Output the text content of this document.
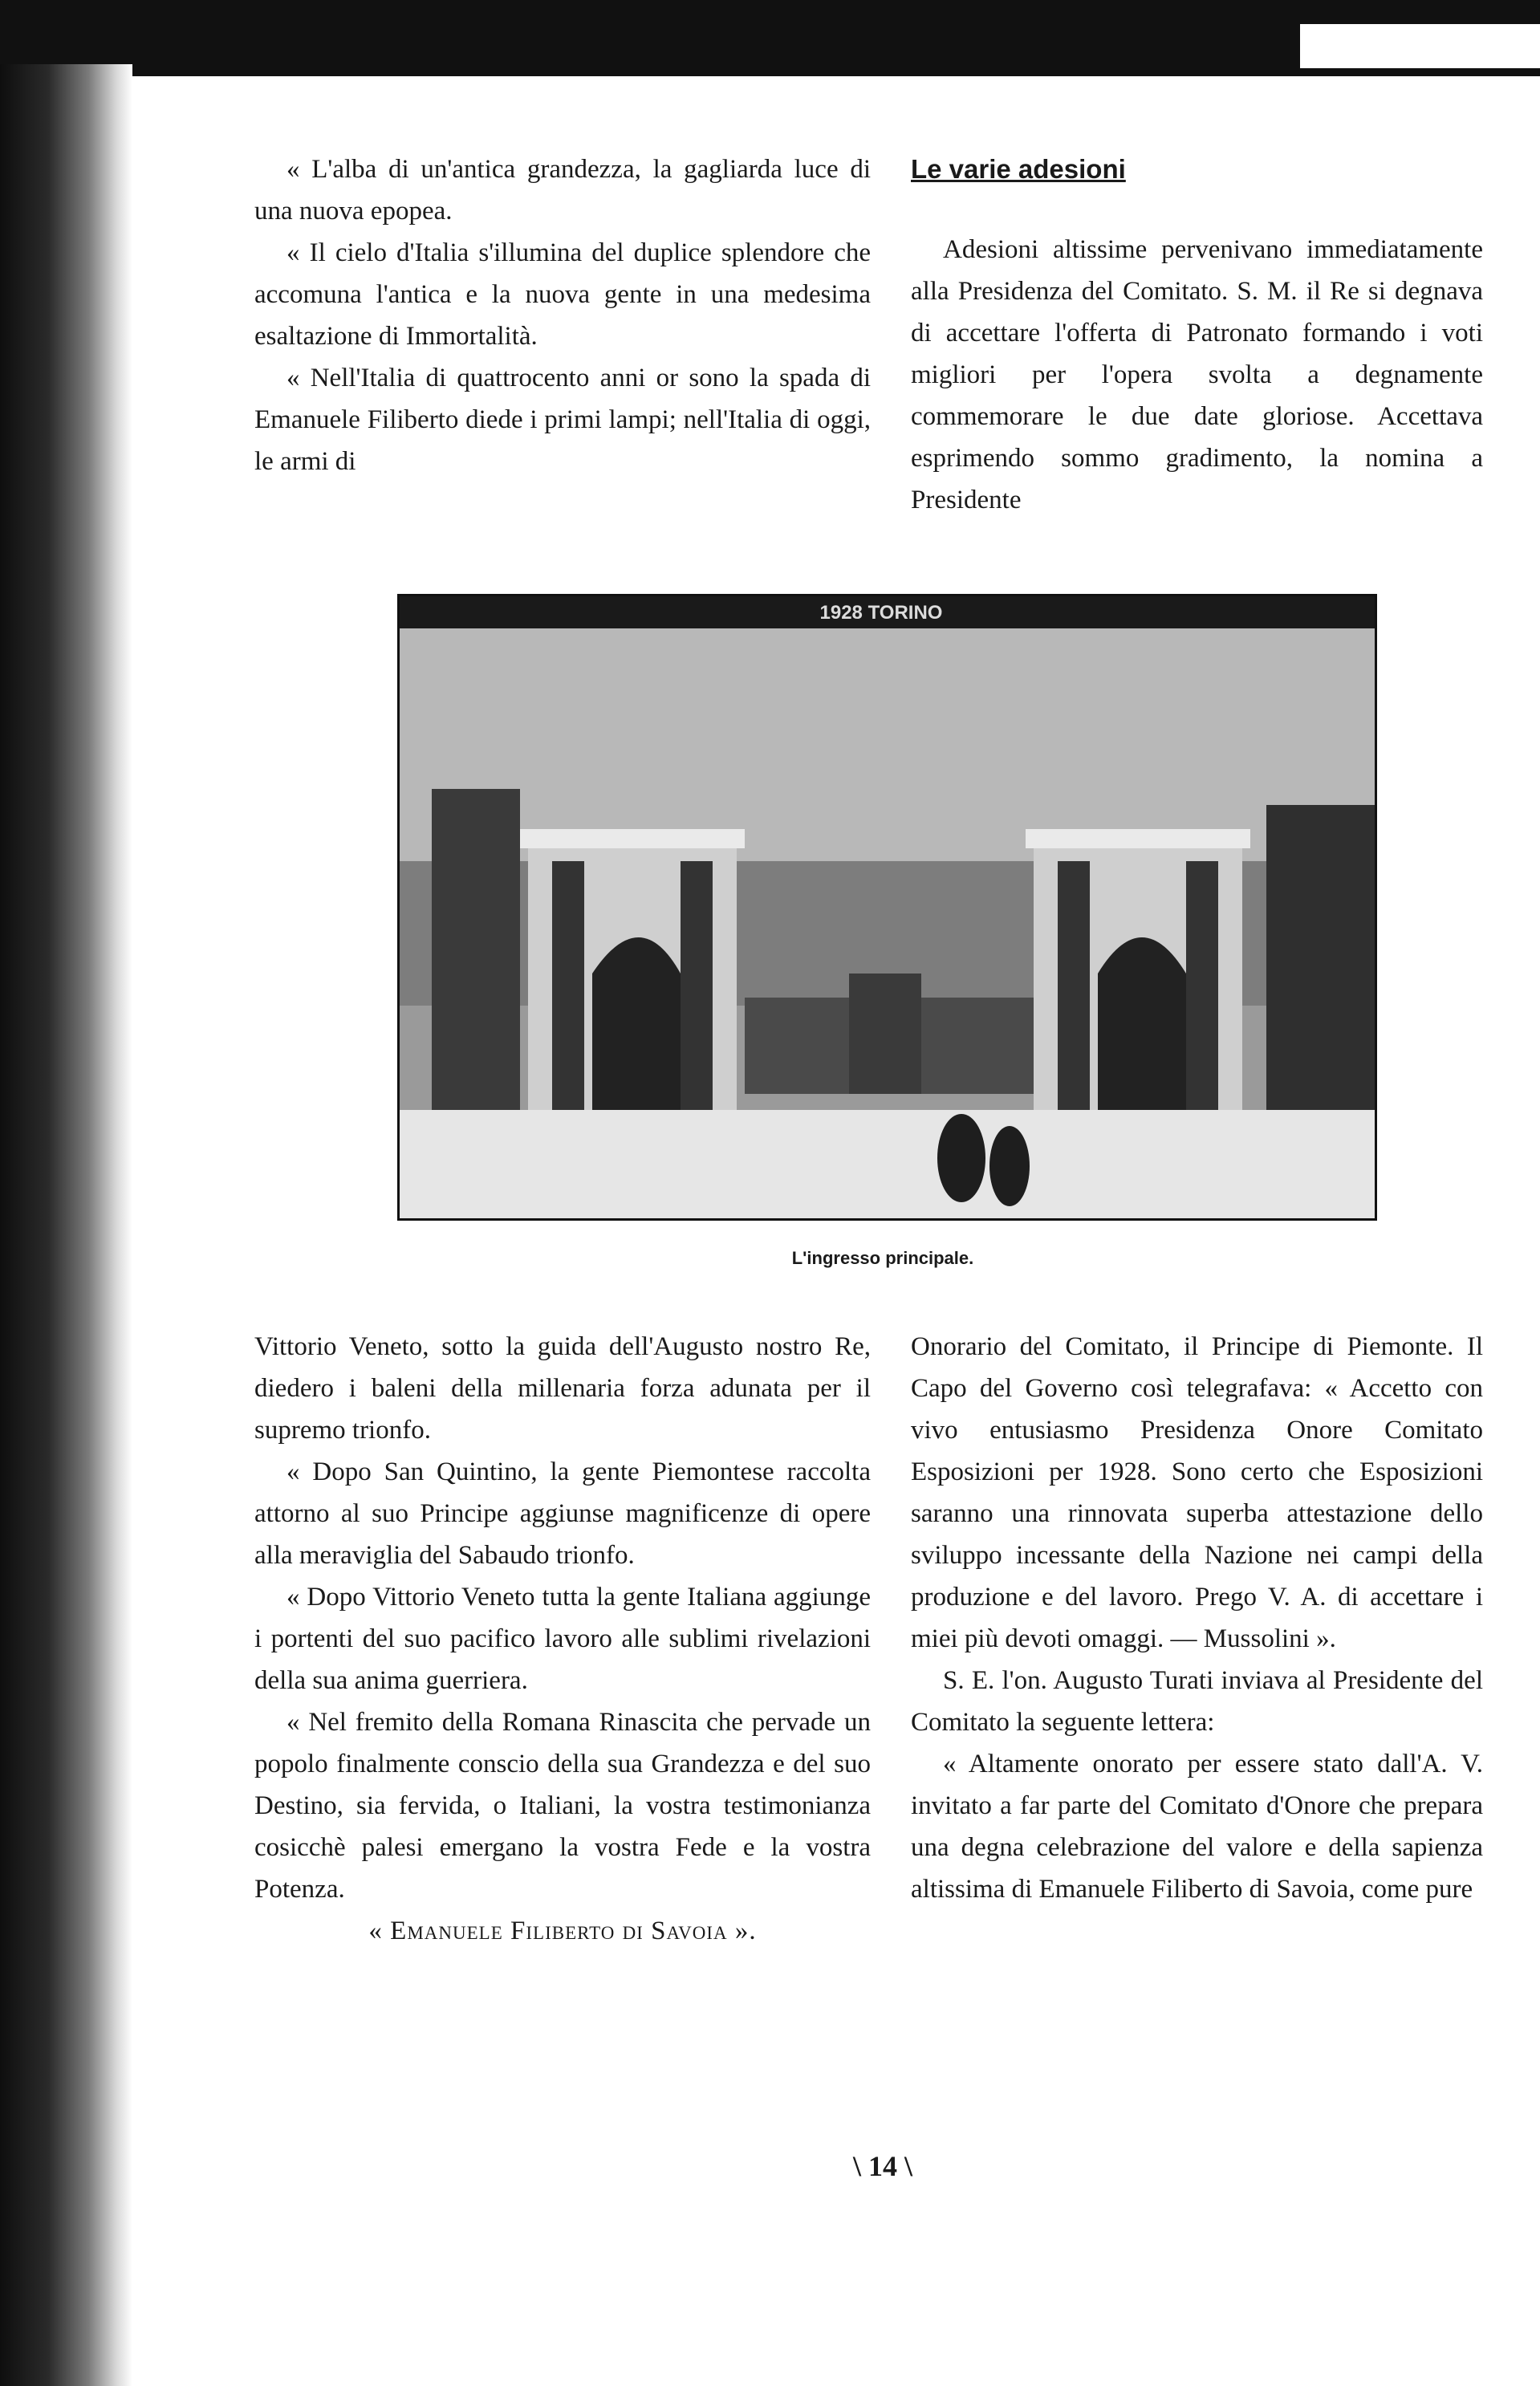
« L'alba di un'antica grandezza, la gagliarda luce di una nuova epopea.

« Il cielo d'Italia s'illumina del duplice splendore che accomuna l'antica e la nuova gente in una medesima esaltazione di Immortalità.

« Nell'Italia di quattrocento anni or sono la spada di Emanuele Filiberto diede i primi lampi; nell'Italia di oggi, le armi di

Le varie adesioni

Adesioni altissime pervenivano immediatamente alla Presidenza del Comitato. S. M. il Re si degnava di accettare l'offerta di Patronato formando i voti migliori per l'opera svolta a degnamente commemorare le due date gloriose. Accettava esprimendo sommo gradimento, la nomina a Presidente

1928 TORINO
L'ingresso principale.

Vittorio Veneto, sotto la guida dell'Augusto nostro Re, diedero i baleni della millenaria forza adunata per il supremo trionfo.

« Dopo San Quintino, la gente Piemontese raccolta attorno al suo Principe aggiunse magnificenze di opere alla meraviglia del Sabaudo trionfo.

« Dopo Vittorio Veneto tutta la gente Italiana aggiunge i portenti del suo pacifico lavoro alle sublimi rivelazioni della sua anima guerriera.

« Nel fremito della Romana Rinascita che pervade un popolo finalmente conscio della sua Grandezza e del suo Destino, sia fervida, o Italiani, la vostra testimonianza cosicchè palesi emergano la vostra Fede e la vostra Potenza.

« Emanuele Filiberto di Savoia ».

Onorario del Comitato, il Principe di Piemonte. Il Capo del Governo così telegrafava: « Accetto con vivo entusiasmo Presidenza Onore Comitato Esposizioni per 1928. Sono certo che Esposizioni saranno una rinnovata superba attestazione dello sviluppo incessante della Nazione nei campi della produzione e del lavoro. Prego V. A. di accettare i miei più devoti omaggi. — Mussolini ».

S. E. l'on. Augusto Turati inviava al Presidente del Comitato la seguente lettera:

« Altamente onorato per essere stato dall'A. V. invitato a far parte del Comitato d'Onore che prepara una degna celebrazione del valore e della sapienza altissima di Emanuele Filiberto di Savoia, come pure

\ 14 \
